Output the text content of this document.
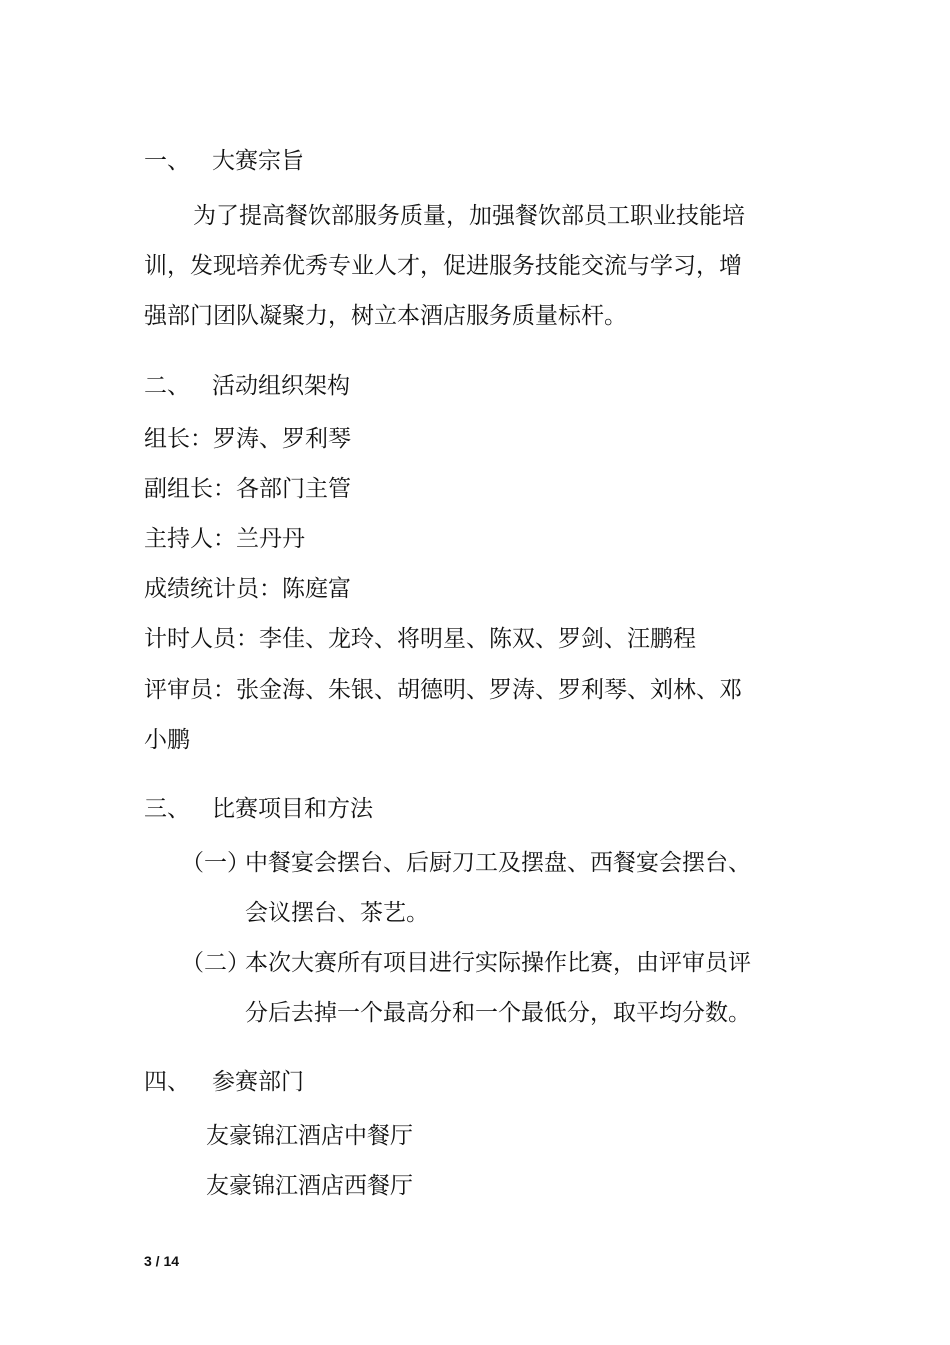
一、 大赛宗旨
为了提高餐饮部服务质量，加强餐饮部员工职业技能培
训，发现培养优秀专业人才，促进服务技能交流与学习，增
强部门团队凝聚力，树立本酒店服务质量标杆。
二、 活动组织架构
组长：罗涛、罗利琴
副组长：各部门主管
主持人：兰丹丹
成绩统计员：陈庭富
计时人员：李佳、龙玲、将明星、陈双、罗剑、汪鹏程
评审员：张金海、朱银、胡德明、罗涛、罗利琴、刘林、邓
小鹏
三、 比赛项目和方法
（一）
中餐宴会摆台、后厨刀工及摆盘、西餐宴会摆台、
会议摆台、茶艺。
（二）
本次大赛所有项目进行实际操作比赛，由评审员评
分后去掉一个最高分和一个最低分，取平均分数。
四、 参赛部门
友豪锦江酒店中餐厅
友豪锦江酒店西餐厅
3 / 14
